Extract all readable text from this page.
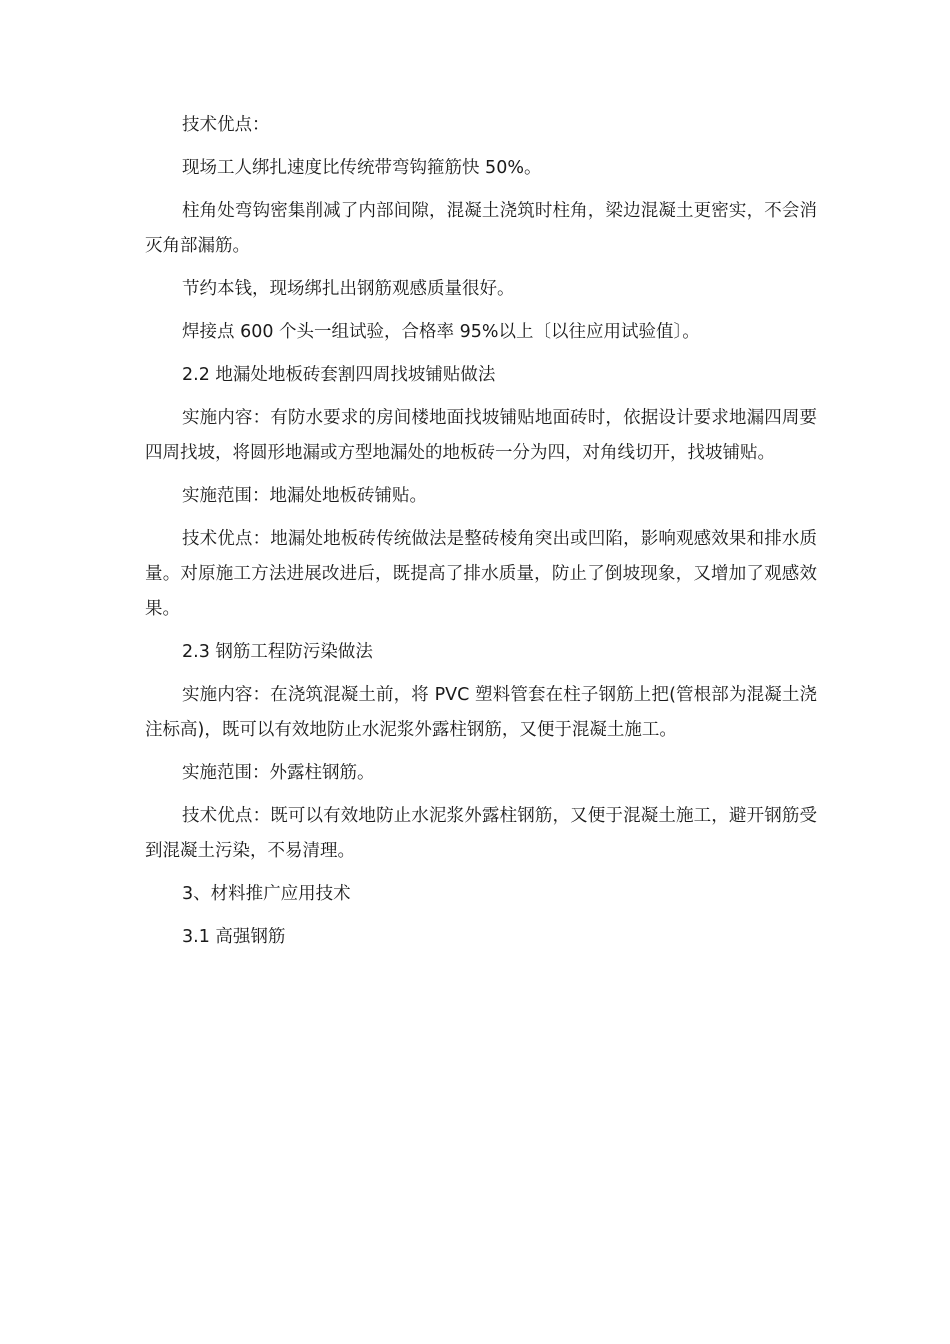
技术优点：

现场工人绑扎速度比传统带弯钩箍筋快 50%。

柱角处弯钩密集削减了内部间隙，混凝土浇筑时柱角，梁边混凝土更密实，不会消灭角部漏筋。

节约本钱，现场绑扎出钢筋观感质量很好。

焊接点 600 个头一组试验，合格率 95%以上〔以往应用试验值〕。

2.2 地漏处地板砖套割四周找坡铺贴做法

实施内容：有防水要求的房间楼地面找坡铺贴地面砖时，依据设计要求地漏四周要四周找坡，将圆形地漏或方型地漏处的地板砖一分为四，对角线切开，找坡铺贴。

实施范围：地漏处地板砖铺贴。

技术优点：地漏处地板砖传统做法是整砖棱角突出或凹陷，影响观感效果和排水质量。对原施工方法进展改进后，既提高了排水质量，防止了倒坡现象，又增加了观感效果。

2.3 钢筋工程防污染做法

实施内容：在浇筑混凝土前，将 PVC 塑料管套在柱子钢筋上把(管根部为混凝土浇注标高)，既可以有效地防止水泥浆外露柱钢筋，又便于混凝土施工。

实施范围：外露柱钢筋。

技术优点：既可以有效地防止水泥浆外露柱钢筋，又便于混凝土施工，避开钢筋受到混凝土污染，不易清理。

3、材料推广应用技术

3.1 高强钢筋
